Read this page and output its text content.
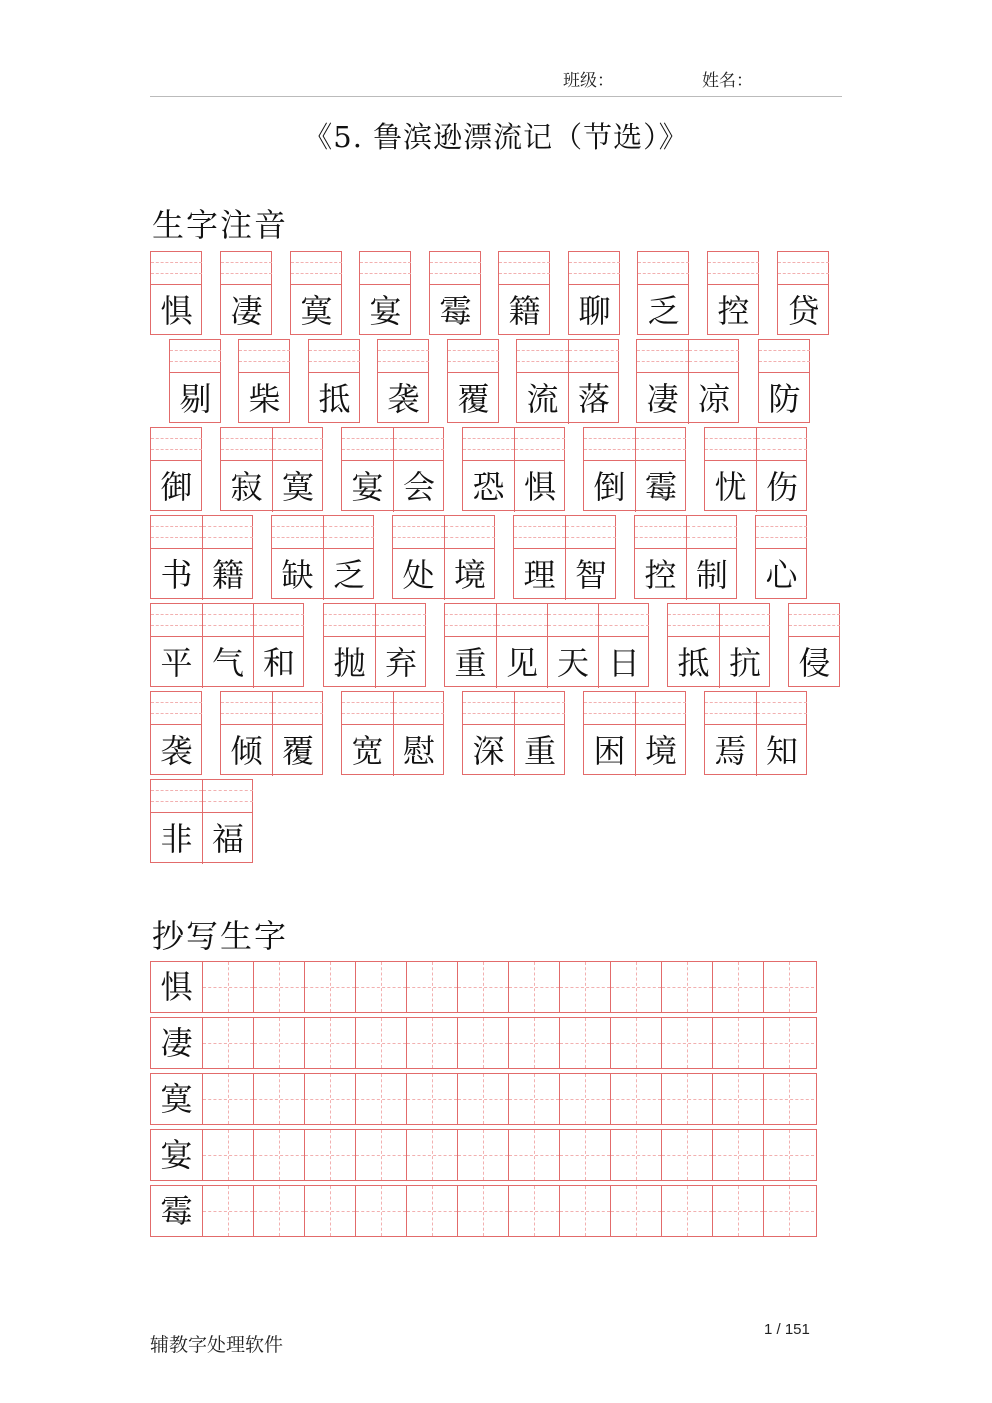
班级：	姓名：
《5. 鲁滨逊漂流记（节选）》
生字注音
惧 凄 寞 宴 霉 籍 聊 乏 控 贷
剔 柴 抵 袭 覆 流 落 凄 凉 防
御 寂 寞 宴 会 恐 惧 倒 霉 忧 伤
书 籍 缺 乏 处 境 理 智 控 制 心
平 气 和 抛 弃 重 见 天 日 抵 抗 侵
袭 倾 覆 宽 慰 深 重 困 境 焉 知
非 福
抄写生字
惧
凄
寞
宴
霉
辅教字处理软件
1 / 151
